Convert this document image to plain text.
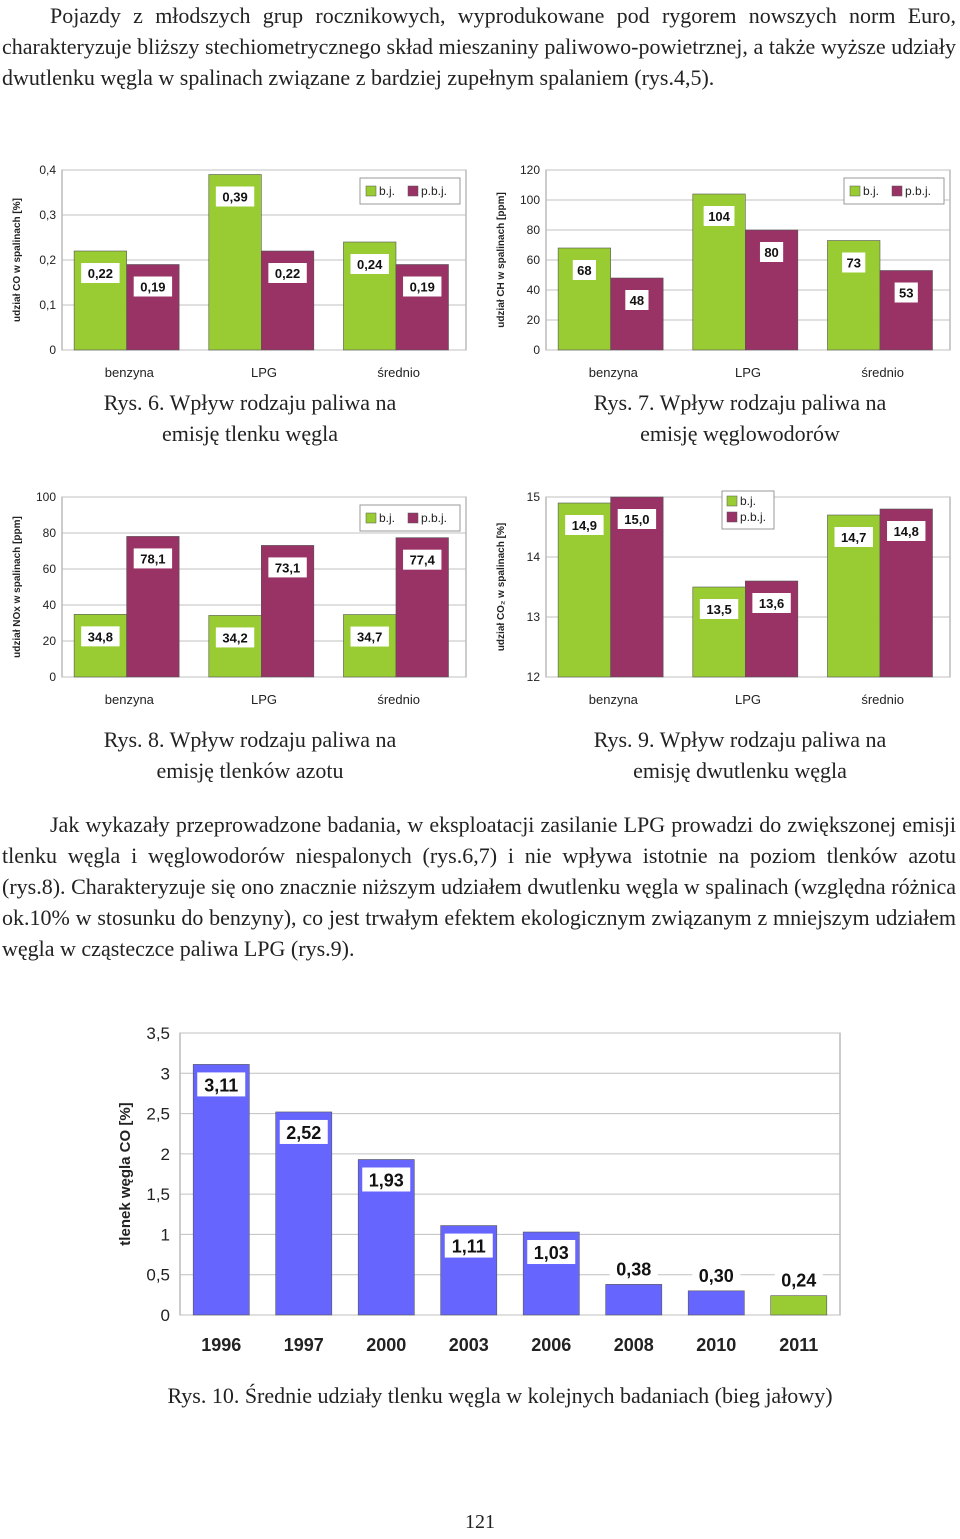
Pojazdy z młodszych grup rocznikowych, wyprodukowane pod rygorem nowszych norm Euro, charakteryzuje bliższy stechiometrycznego skład mieszaniny paliwowo-powietrznej, a także wyższe udziały dwutlenku węgla w spalinach związane z bardziej zupełnym spalaniem (rys.4,5).

0
0,1
0,2
0,3
0,4
0,22
0,19
0,39
0,22
0,24
0,19
udział CO w spalinach [%]
benzyna	LPG	średnio
b.j. p.b.j.
0
20
40
60
80
100
120
68
48
104
80
73
53
udział CH w spalinach [ppm]
benzyna	LPG	średnio
b.j. p.b.j.
Rys. 6. Wpływ rodzaju paliwa na
emisję tlenku węgla
Rys. 7. Wpływ rodzaju paliwa na
emisję węglowodorów
0
20
40
60
80
100
34,8
78,1
34,2
73,1
34,7
77,4
udział NOx w spalinach [ppm]
benzyna	LPG	średnio
b.j. p.b.j.
12
13
14
15
14,9 15,0
13,5 13,6
14,7 14,8
udział CO₂ w spalinach [%]
benzyna	LPG	średnio
b.j.
p.b.j.
Rys. 8. Wpływ rodzaju paliwa na
emisję tlenków azotu
Rys. 9. Wpływ rodzaju paliwa na
emisję dwutlenku węgla

Jak wykazały przeprowadzone badania, w eksploatacji zasilanie LPG prowadzi do zwiększonej emisji tlenku węgla i węglowodorów niespalonych (rys.6,7) i nie wpływa istotnie na poziom tlenków azotu (rys.8). Charakteryzuje się ono znacznie niższym udziałem dwutlenku węgla w spalinach (względna różnica ok.10% w stosunku do benzyny), co jest trwałym efektem ekologicznym związanym z mniejszym udziałem węgla w cząsteczce paliwa LPG (rys.9).

0
0,5
1
1,5
2
2,5
3
3,5
3,11
2,52
1,93
1,11	1,03
0,38	0,30	0,24
tlenek węgla CO [%]
1996 1997 2000 2003 2006 2008 2010 2011
Rys. 10. Średnie udziały tlenku węgla w kolejnych badaniach (bieg jałowy)
121
